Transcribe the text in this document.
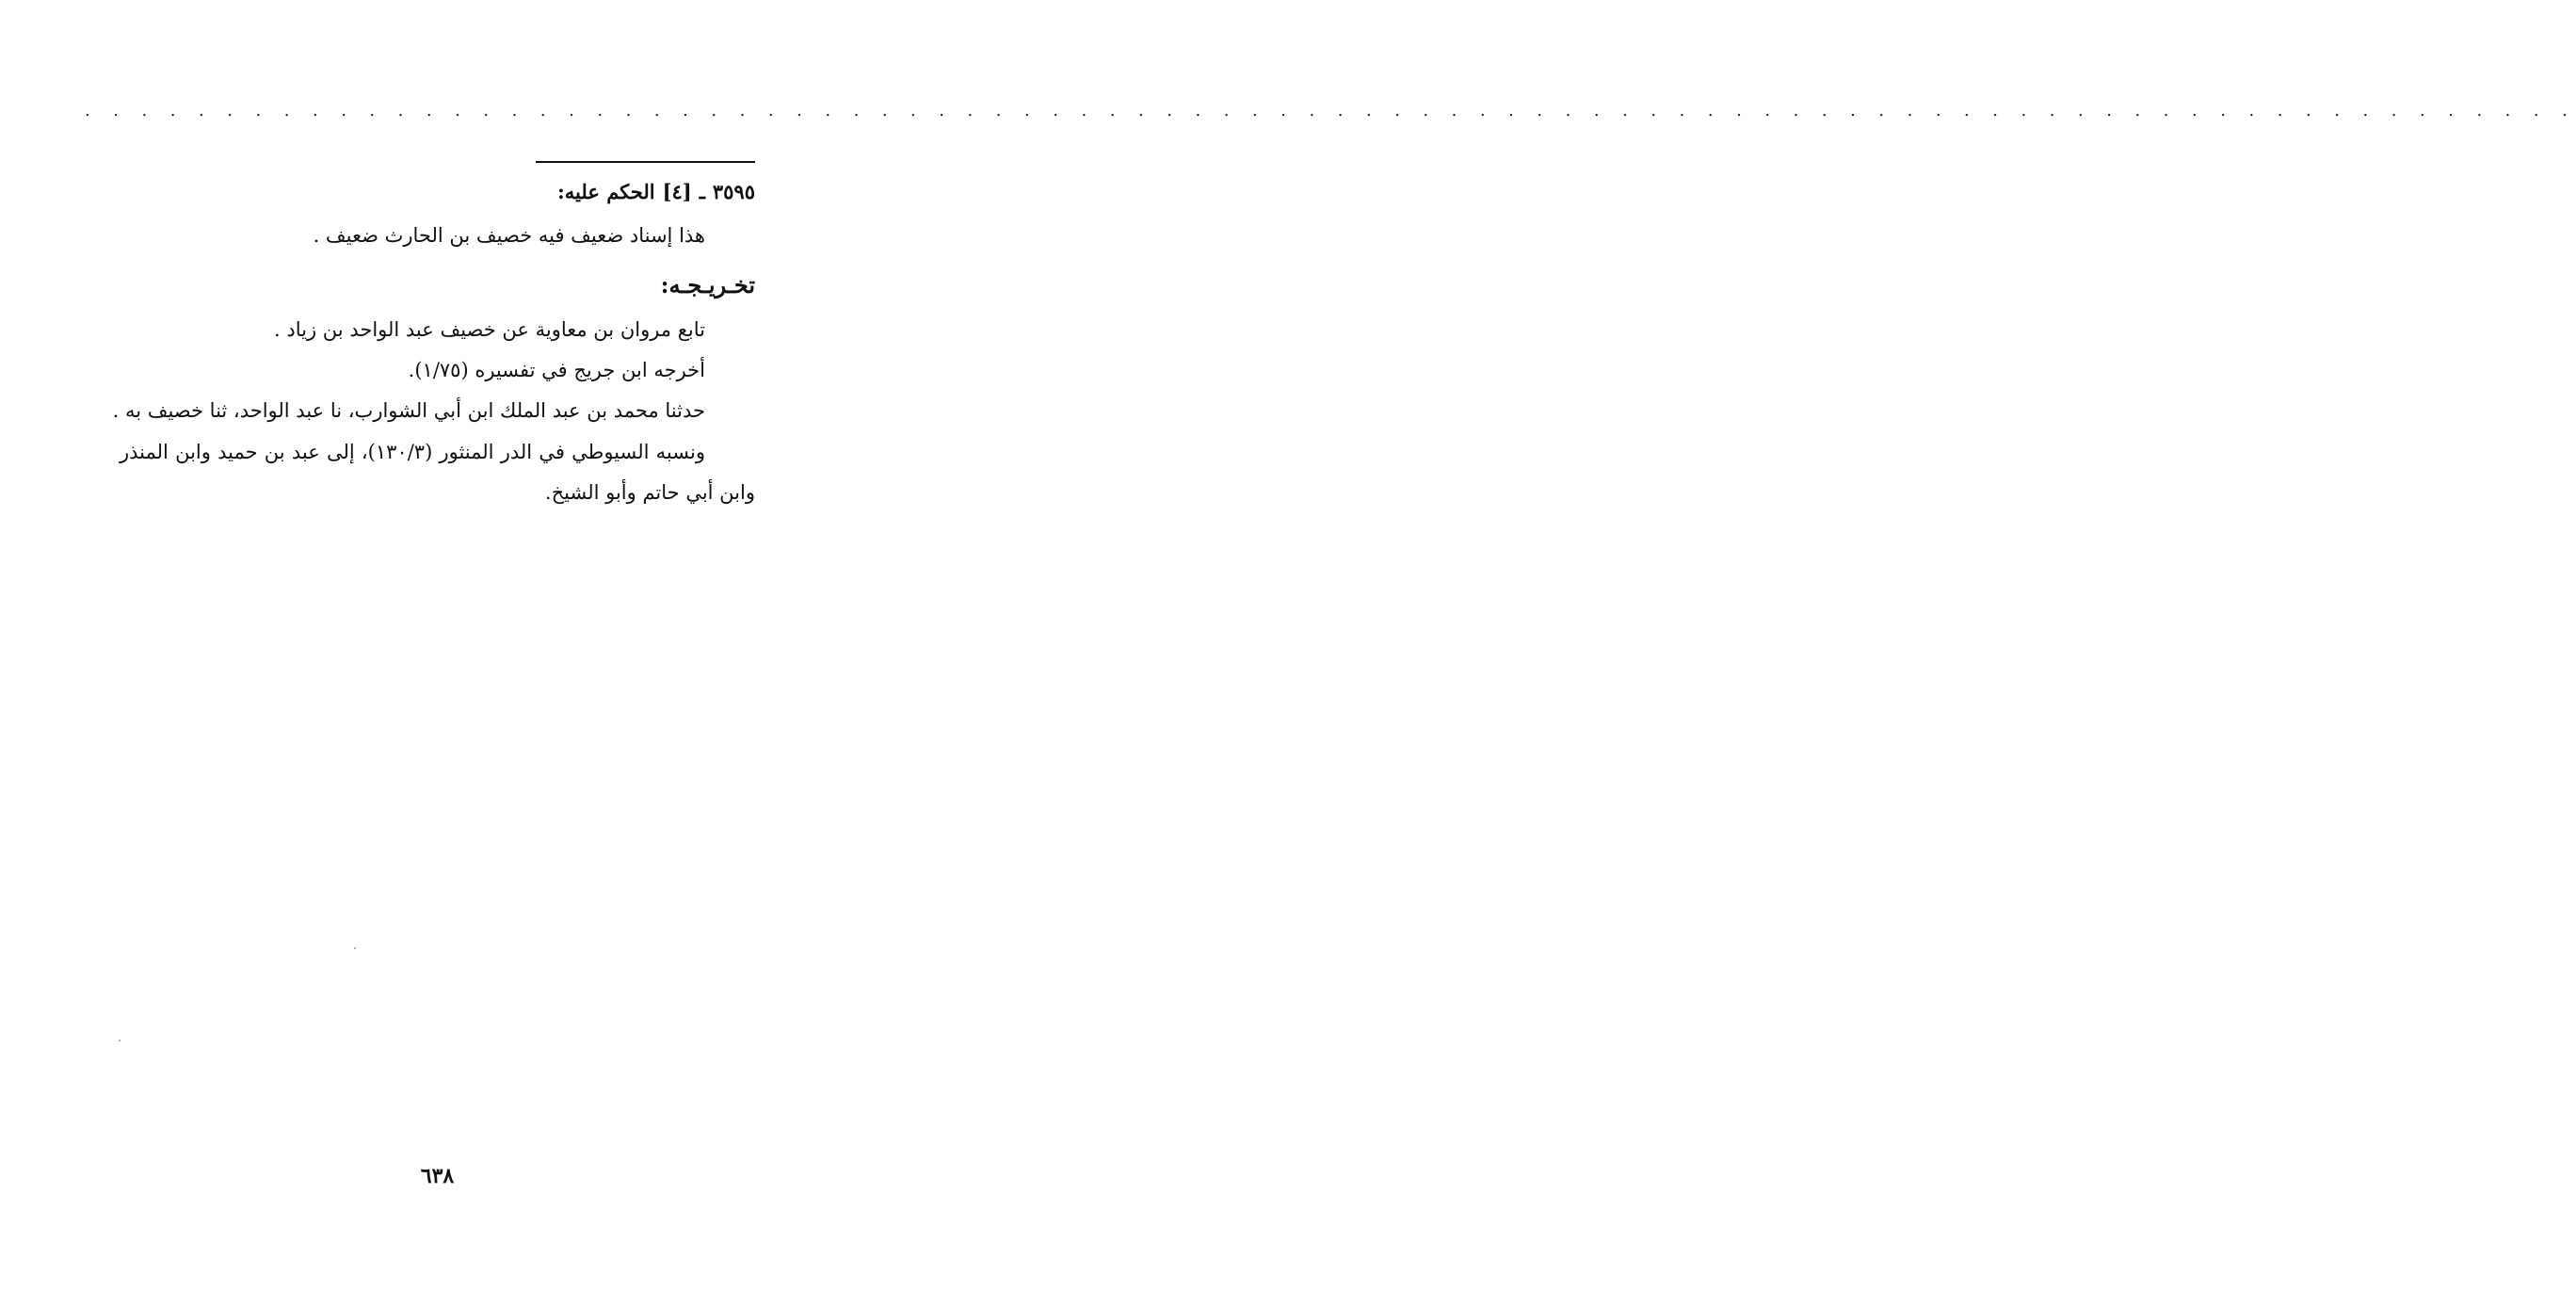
. . . . . . . . . . . . . . . . . . . . . . . . . . . . . . . . . . . . . . . . . . . . . . . . . . . . . . . . . . . . . . . . . . . . . . . . . . . . . . . . . . . . . . . .
٣٥٩٥ـ[٤]الحكم عليه:
هذا إسناد ضعيف فيه خصيف بن الحارث ضعيف .
تخـريـجـه:
تابع مروان بن معاوية عن خصيف عبد الواحد بن زياد .
أخرجه ابن جريج في تفسيره (١/٧٥).
حدثنا محمد بن عبد الملك ابن أبي الشوارب، نا عبد الواحد، ثنا خصيف به .
ونسبه السيوطي في الدر المنثور (١٣٠/٣)، إلى عبد بن حميد وابن المنذر
وابن أبي حاتم وأبو الشيخ.
٦٣٨
